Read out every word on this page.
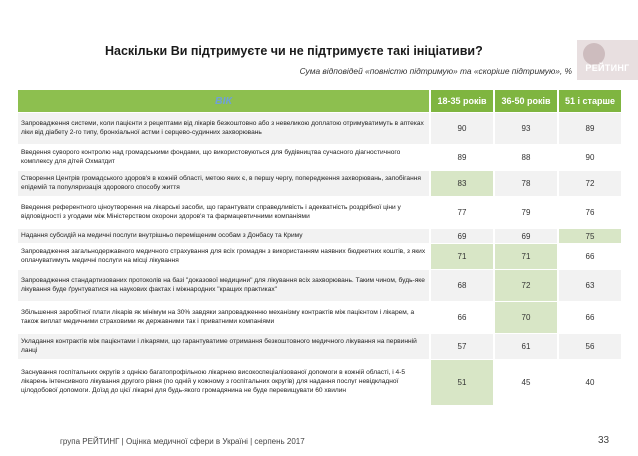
Наскільки Ви підтримуєте чи не підтримуєте такі ініціативи?
Сума відповідей «повністю підтримую» та «скоріше підтримую», %	РЕЙТИНГ
ВІК	18-35 років	36-50 років	51 і старше
Запровадження системи, коли пацієнти з рецептами від лікарів безкоштовно або з невеликою доплатою отримуватимуть в аптеках ліки від діабету 2-го типу, бронхіальної астми і серцево-судинних захворювань	90	93	89
Введення суворого контролю над громадськими фондами, що використовуються для будівництва сучасного діагностичного комплексу для дітей Охматдит	89	88	90
Створення Центрів громадського здоров'я в кожній області, метою яких є, в першу чергу, попередження захворювань, запобігання епідемій та популяризація здорового способу життя	83	78	72
Введення референтного ціноутворення на лікарські засоби, що гарантувати справедливість і адекватність роздрібної ціни у відповідності з угодами між Міністерством охорони здоров'я та фармацевтичними компаніями	77	79	76
Надання субсидій на медичні послуги внутрішньо переміщеним особам з Донбасу та Криму	69	69	75
Запровадження загальнодержавного медичного страхування для всіх громадян з використанням наявних бюджетних коштів, з яких оплачуватимуть медичні послуги на місці лікування	71	71	66
Запровадження стандартизованих протоколів на базі "доказової медицини" для лікування всіх захворювань. Таким чином, будь-яке лікування буде ґрунтуватися на наукових фактах і міжнародних "кращих практиках"	68	72	63
Збільшення заробітної плати лікарів як мінімум на 30% завдяки запровадженню механізму контрактів між пацієнтом і лікарем, а також виплат медичними страховими як державними так і приватними компаніями	66	70	66
Укладання контрактів між пацієнтами і лікарями, що гарантуватиме отримання безкоштовного медичного лікування на первинній ланці	57	61	56
Заснування госпітальних округів з однією багатопрофільною лікарнею високоспеціалізованої допомоги в кожній області, і 4-5 лікарень інтенсивного лікування другого рівня (по одній у кожному з госпітальних округів) для надання послуг невідкладної цілодобової допомоги. Доїзд до цієї лікарні для будь-якого громадянина не буде перевищувати 60 хвилин	51	45	40
група РЕЙТИНГ | Оцінка медичної сфери в Україні | серпень 2017	33
